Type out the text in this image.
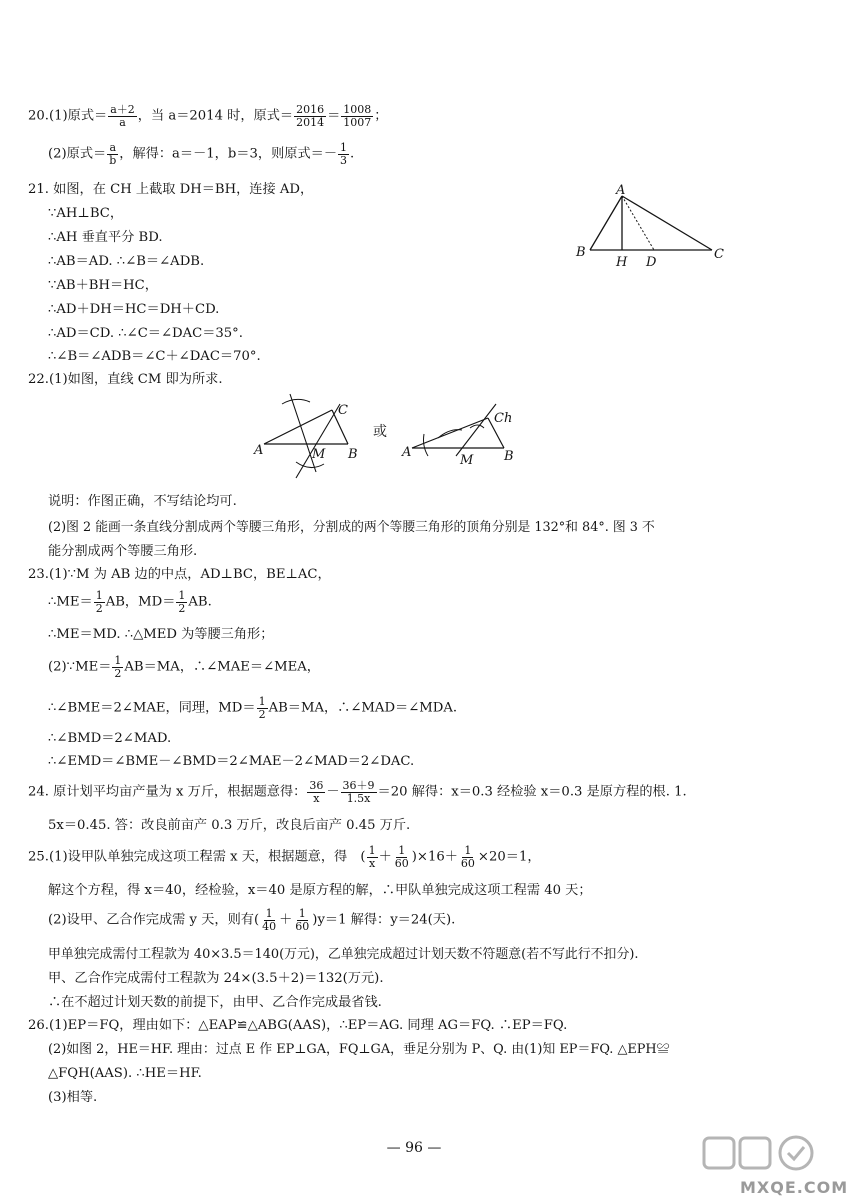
20.(1)原式＝ $\frac{a+2}{a}$ ，当 a＝2014 时，原式＝ $\frac{2016}{2014} = \frac{1008}{1007}$ ；
(2)原式＝ $\frac{a}{b}$ ，解得：a＝－1，b＝3，则原式＝－ $\frac{1}{3}$ .
21. 如图，在 CH 上截取 DH＝BH，连接 AD，
∵AH⊥BC，
∴AH 垂直平分 BD.
∴AB＝AD. ∴∠B＝∠ADB.
∵AB＋BH＝HC，
∴AD＋DH＝HC＝DH＋CD.
∴AD＝CD. ∴∠C＝∠DAC＝35°.
∴∠B＝∠ADB＝∠C＋∠DAC＝70°.
A
B
H D
C
22.(1)如图，直线 CM 即为所求.
A	M B
C
或
A
M B
Ch
说明：作图正确，不写结论均可.
(2)图 2 能画一条直线分割成两个等腰三角形，分割成的两个等腰三角形的顶角分别是 132°和 84°. 图 3 不
能分割成两个等腰三角形.
23.(1)∵M 为 AB 边的中点，AD⊥BC，BE⊥AC，
∴ME＝ $\frac{1}{2}$ AB，$MD= \frac{1}{2}$ AB.
∴ME＝MD. ∴△MED 为等腰三角形；
(2)∵ME＝ $\frac{1}{2} AB=MA$，∴∠MAE＝∠MEA，
∴∠BME＝2∠MAE，同理，$MD= \frac{1}{2} AB=MA$，∴∠MAD＝∠MDA.
∴∠BMD＝2∠MAD.
∴∠EMD＝∠BME－∠BMD＝2∠MAE－2∠MAD＝2∠DAC.
24. 原计划平均亩产量为 x 万斤，根据题意得： $\frac{36}{x} - \frac{36+9}{1.5x} =20$ 解得：x＝0.3 经检验 x＝0.3 是原方程的根. 1.
5x＝0.45. 答：改良前亩产 0.3 万斤，改良后亩产 0.45 万斤.
25.(1)设甲队单独完成这项工程需 x 天，根据题意，得　( $\frac{1}{x} + \frac{1}{60} )\times 16+ \frac{1}{60} \times 20=1$，
解这个方程，得 x＝40，经检验，x＝40 是原方程的解，∴甲队单独完成这项工程需 40 天；
(2)设甲、乙合作完成需 y 天，则有( $\frac{1}{40} + \frac{1}{60} )y=1$ 解得：y＝24(天).
甲单独完成需付工程款为 40×3.5＝140(万元)，乙单独完成超过计划天数不符题意(若不写此行不扣分).
甲、乙合作完成需付工程款为 24×(3.5＋2)＝132(万元).
∴在不超过计划天数的前提下，由甲、乙合作完成最省钱.
26.(1)EP＝FQ，理由如下：△EAP≌△ABG(AAS)，∴EP＝AG. 同理 AG＝FQ. ∴EP＝FQ.
(2)如图 2，HE＝HF. 理由：过点 E 作 EP⊥GA，FQ⊥GA，垂足分别为 P、Q. 由(1)知 EP＝FQ. △EPH≌
△FQH(AAS). ∴HE＝HF.
(3)相等.
— 96 —
MXQE.COM
